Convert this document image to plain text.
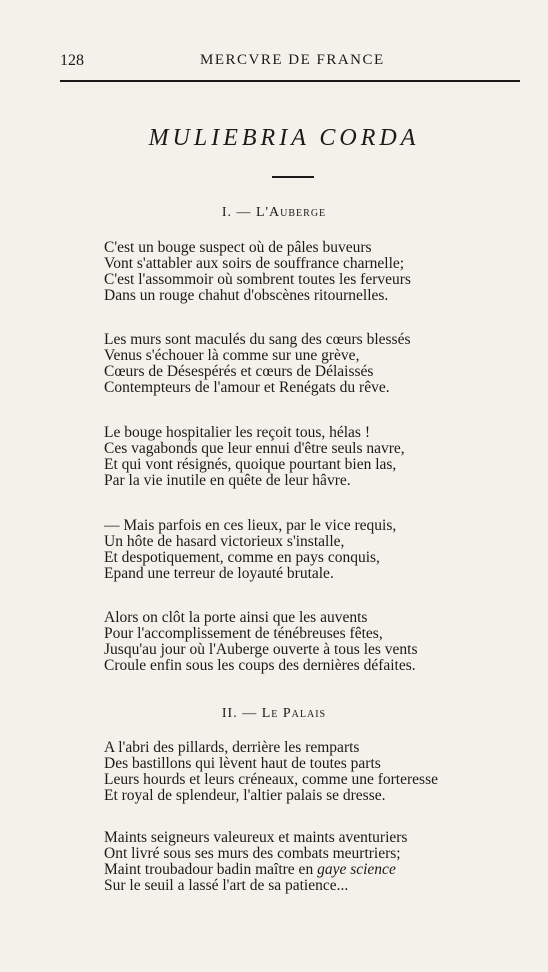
128	MERCVRE DE FRANCE
MULIEBRIA CORDA
I. — L'Auberge
C'est un bouge suspect où de pâles buveurs
Vont s'attabler aux soirs de souffrance charnelle;
C'est l'assommoir où sombrent toutes les ferveurs
Dans un rouge chahut d'obscènes ritournelles.
Les murs sont maculés du sang des cœurs blessés
Venus s'échouer là comme sur une grève,
Cœurs de Désespérés et cœurs de Délaissés
Contempteurs de l'amour et Renégats du rêve.
Le bouge hospitalier les reçoit tous, hélas !
Ces vagabonds que leur ennui d'être seuls navre,
Et qui vont résignés, quoique pourtant bien las,
Par la vie inutile en quête de leur hâvre.
— Mais parfois en ces lieux, par le vice requis,
Un hôte de hasard victorieux s'installe,
Et despotiquement, comme en pays conquis,
Epand une terreur de loyauté brutale.
Alors on clôt la porte ainsi que les auvents
Pour l'accomplissement de ténébreuses fêtes,
Jusqu'au jour où l'Auberge ouverte à tous les vents
Croule enfin sous les coups des dernières défaites.
II. — Le Palais
A l'abri des pillards, derrière les remparts
Des bastillons qui lèvent haut de toutes parts
Leurs hourds et leurs créneaux, comme une forteresse
Et royal de splendeur, l'altier palais se dresse.
Maints seigneurs valeureux et maints aventuriers
Ont livré sous ses murs des combats meurtriers;
Maint troubadour badin maître en gaye science
Sur le seuil a lassé l'art de sa patience...
